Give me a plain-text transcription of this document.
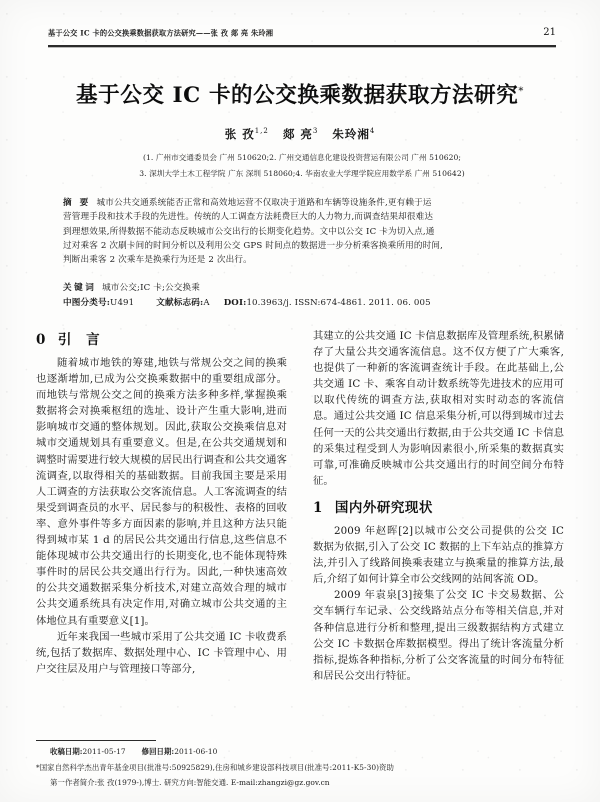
基于公交 IC 卡的公交换乘数据获取方法研究——张 孜 郯 亮 朱玲湘	21
基于公交 IC 卡的公交换乘数据获取方法研究*
张 孜$^{1,2}$ 郯 亮$^3$ 朱玲湘$^4$
(1. 广州市交通委员会 广州 510620;2. 广州交通信息化建设投资营运有限公司 广州 510620;
3. 深圳大学土木工程学院 广东 深圳 518060;4. 华南农业大学理学院应用数学系 广州 510642)
摘 要 城市公共交通系统能否正常和高效地运营不仅取决于道路和车辆等设施条件,更有赖于运
营管理手段和技术手段的先进性。传统的人工调查方法耗费巨大的人力物力,而调查结果却很难达
到理想效果,所得数据不能动态反映城市公交出行的长期变化趋势。文中以公交 IC 卡为切入点,通
过对乘客 2 次刷卡间的时间分析以及利用公交 GPS 时间点的数据进一步分析乘客换乘所用的时间,
判断出乘客 2 次乘车是换乘行为还是 2 次出行。
关键词 城市公交;IC 卡;公交换乘
中图分类号:U491	文献标志码:A DOI:10.3963/j. ISSN:674-4861. 2011. 06. 005
0 引 言

随着城市地铁的筹建,地铁与常规公交之间的换乘也逐渐增加,已成为公交换乘数据中的重要组成部分。而地铁与常规公交之间的换乘方法多种多样,掌握换乘数据将会对换乘枢纽的选址、设计产生重大影响,进而影响城市交通的整体规划。因此,获取公交换乘信息对城市交通规划具有重要意义。但是,在公共交通规划和调整时需要进行较大规模的居民出行调查和公共交通客流调查,以取得相关的基础数据。目前我国主要是采用人工调查的方法获取公交客流信息。人工客流调查的结果受到调查员的水平、居民参与的积极性、表格的回收率、意外事件等多方面因素的影响,并且这种方法只能得到城市某 1 d 的居民公共交通出行信息,这些信息不能体现城市公共交通出行的长期变化,也不能体现特殊事件时的居民公共交通出行行为。因此,一种快速高效的公共交通数据采集分析技术,对建立高效合理的城市公共交通系统具有决定作用,对确立城市公共交通的主体地位具有重要意义[1]。

近年来我国一些城市采用了公共交通 IC 卡收费系统,包括了数据库、数据处理中心、IC 卡管理中心、用户交往层及用户与管理接口等部分,

其建立的公共交通 IC 卡信息数据库及管理系统,积累储存了大量公共交通客流信息。这不仅方便了广大乘客,也提供了一种新的客流调查统计手段。在此基础上,公共交通 IC 卡、乘客自动计数系统等先进技术的应用可以取代传统的调查方法,获取相对实时动态的客流信息。通过公共交通 IC 信息采集分析,可以得到城市过去任何一天的公共交通出行数据,由于公共交通 IC 卡信息的采集过程受到人为影响因素很小,所采集的数据真实可靠,可准确反映城市公共交通出行的时间空间分布特征。

1 国内外研究现状

2009 年赵晖[2]以城市公交公司提供的公交 IC 数据为依据,引入了公交 IC 数据的上下车站点的推算方法,并引入了线路间换乘表建立与换乘量的推算方法,最后,介绍了如何计算全市公交线网的站间客流 OD。

2009 年袁泉[3]接集了公交 IC 卡交易数据、公交车辆行车记录、公交线路站点分布等相关信息,并对各种信息进行分析和整理,提出三级数据结构方式建立公交 IC 卡数据仓库数据模型。得出了统计客流量分析指标,提炼各种指标,分析了公交客流量的时间分布特征和居民公交出行特征。

收稿日期:2011-05-17 修回日期:2011-06-10
*国家自然科学杰出青年基金项目(批准号:50925829),住房和城乡建设部科技项目(批准号:2011-K5-30)资助
第一作者简介:张 孜(1979-),博士. 研究方向:智能交通. E-mail:zhangzi@gz.gov.cn
